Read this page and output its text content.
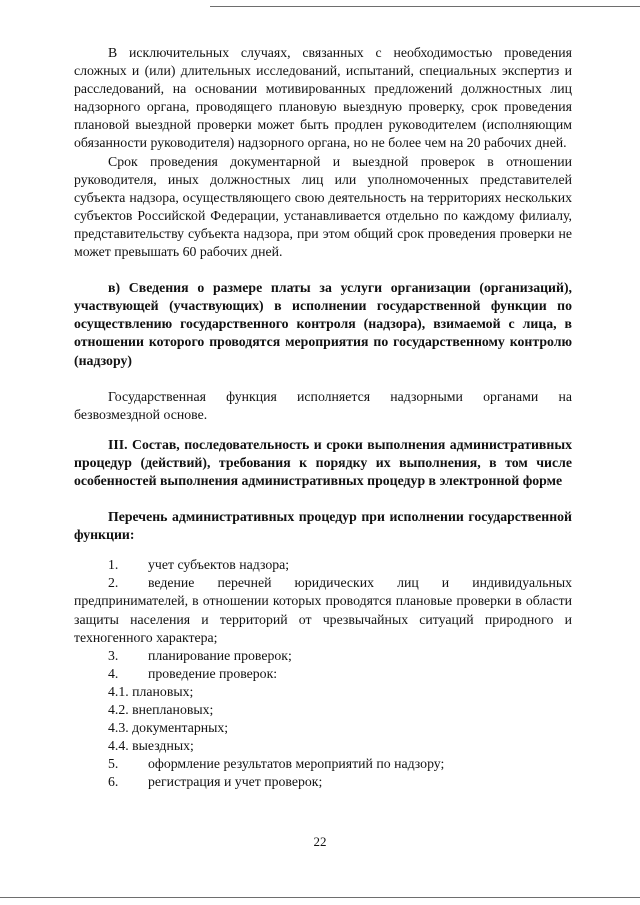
В исключительных случаях, связанных с необходимостью проведения сложных и (или) длительных исследований, испытаний, специальных экспертиз и расследований, на основании мотивированных предложений должностных лиц надзорного органа, проводящего плановую выездную проверку, срок проведения плановой выездной проверки может быть продлен руководителем (исполняющим обязанности руководителя) надзорного органа, но не более чем на 20 рабочих дней.

Срок проведения документарной и выездной проверок в отношении руководителя, иных должностных лиц или уполномоченных представителей субъекта надзора, осуществляющего свою деятельность на территориях нескольких субъектов Российской Федерации, устанавливается отдельно по каждому филиалу, представительству субъекта надзора, при этом общий срок проведения проверки не может превышать 60 рабочих дней.

в) Сведения о размере платы за услуги организации (организаций), участвующей (участвующих) в исполнении государственной функции по осуществлению государственного контроля (надзора), взимаемой с лица, в отношении которого проводятся мероприятия по государственному контролю (надзору)

Государственная функция исполняется надзорными органами на безвозмездной основе.

III. Состав, последовательность и сроки выполнения административных процедур (действий), требования к порядку их выполнения, в том числе особенностей выполнения административных процедур в электронной форме

Перечень административных процедур при исполнении государственной функции:

1. учет субъектов надзора;

2. ведение перечней юридических лиц и индивидуальных предпринимателей, в отношении которых проводятся плановые проверки в области защиты населения и территорий от чрезвычайных ситуаций природного и техногенного характера;

3. планирование проверок;

4. проведение проверок:

4.1. плановых;

4.2. внеплановых;

4.3. документарных;

4.4. выездных;

5. оформление результатов мероприятий по надзору;

6. регистрация и учет проверок;

22
